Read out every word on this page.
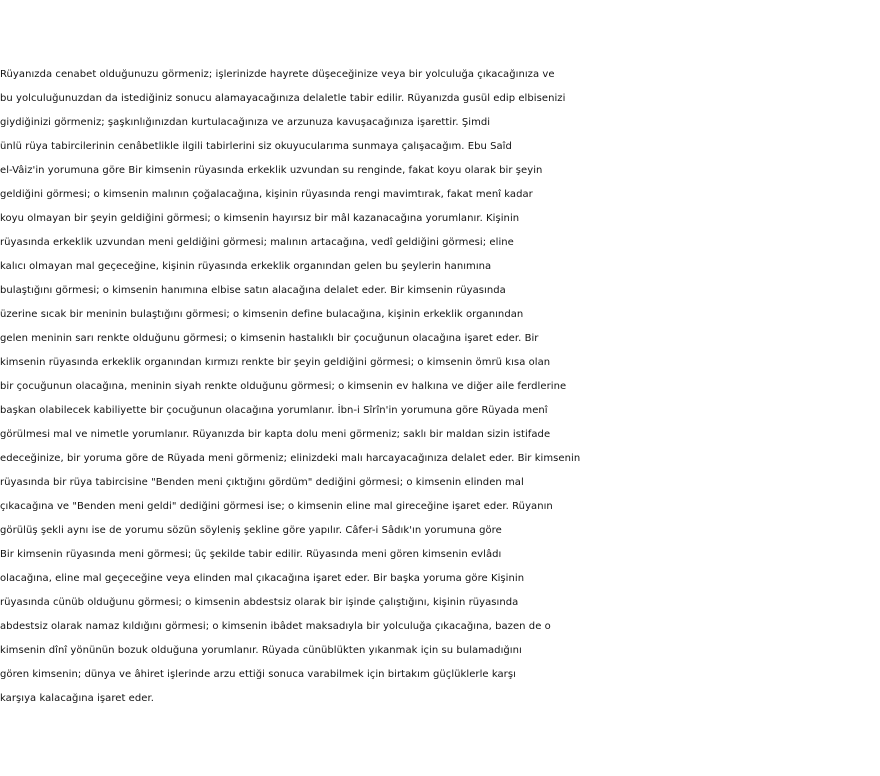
Rüyanızda cenabet olduğunuzu görmeniz; işlerinizde hayrete düşeceğinize veya bir yolculuğa çıkacağınıza ve
bu yolculuğunuzdan da istediğiniz sonucu alamayacağınıza delaletle tabir edilir. Rüyanızda gusül edip elbisenizi
giydiğinizi görmeniz; şaşkınlığınızdan kurtulacağınıza ve arzunuza kavuşacağınıza işarettir. Şimdi
ünlü rüya tabircilerinin cenâbetlikle ilgili tabirlerini siz okuyucularıma sunmaya çalışacağım. Ebu Saîd
el-Vâiz'in yorumuna göre Bir kimsenin rüyasında erkeklik uzvundan su renginde, fakat koyu olarak bir şeyin
geldiğini görmesi; o kimsenin malının çoğalacağına, kişinin rüyasında rengi mavimtırak, fakat menî kadar
koyu olmayan bir şeyin geldiğini görmesi; o kimsenin hayırsız bir mâl kazanacağına yorumlanır. Kişinin
rüyasında erkeklik uzvundan meni geldiğini görmesi; malının artacağına, vedî geldiğini görmesi; eline
kalıcı olmayan mal geçeceğine, kişinin rüyasında erkeklik organından gelen bu şeylerin hanımına
bulaştığını görmesi; o kimsenin hanımına elbise satın alacağına delalet eder. Bir kimsenin rüyasında
üzerine sıcak bir meninin bulaştığını görmesi; o kimsenin define bulacağına, kişinin erkeklik organından
gelen meninin sarı renkte olduğunu görmesi; o kimsenin hastalıklı bir çocuğunun olacağına işaret eder. Bir
kimsenin rüyasında erkeklik organından kırmızı renkte bir şeyin geldiğini görmesi; o kimsenin ömrü kısa olan
bir çocuğunun olacağına, meninin siyah renkte olduğunu görmesi; o kimsenin ev halkına ve diğer aile ferdlerine
başkan olabilecek kabiliyette bir çocuğunun olacağına yorumlanır. İbn-i Sîrîn'in yorumuna göre Rüyada menî
görülmesi mal ve nimetle yorumlanır. Rüyanızda bir kapta dolu meni görmeniz; saklı bir maldan sizin istifade
edeceğinize, bir yoruma göre de Rüyada meni görmeniz; elinizdeki malı harcayacağınıza delalet eder. Bir kimsenin
rüyasında bir rüya tabircisine "Benden meni çıktığını gördüm" dediğini görmesi; o kimsenin elinden mal
çıkacağına ve "Benden meni geldi" dediğini görmesi ise; o kimsenin eline mal gireceğine işaret eder. Rüyanın
görülüş şekli aynı ise de yorumu sözün söyleniş şekline göre yapılır. Câfer-i Sâdık'ın yorumuna göre
Bir kimsenin rüyasında meni görmesi; üç şekilde tabir edilir. Rüyasında meni gören kimsenin evlâdı
olacağına, eline mal geçeceğine veya elinden mal çıkacağına işaret eder. Bir başka yoruma göre Kişinin
rüyasında cünüb olduğunu görmesi; o kimsenin abdestsiz olarak bir işinde çalıştığını, kişinin rüyasında
abdestsiz olarak namaz kıldığını görmesi; o kimsenin ibâdet maksadıyla bir yolculuğa çıkacağına, bazen de o
kimsenin dînî yönünün bozuk olduğuna yorumlanır. Rüyada cünüblükten yıkanmak için su bulamadığını
gören kimsenin; dünya ve âhiret işlerinde arzu ettiği sonuca varabilmek için birtakım güçlüklerle karşı
karşıya kalacağına işaret eder.
